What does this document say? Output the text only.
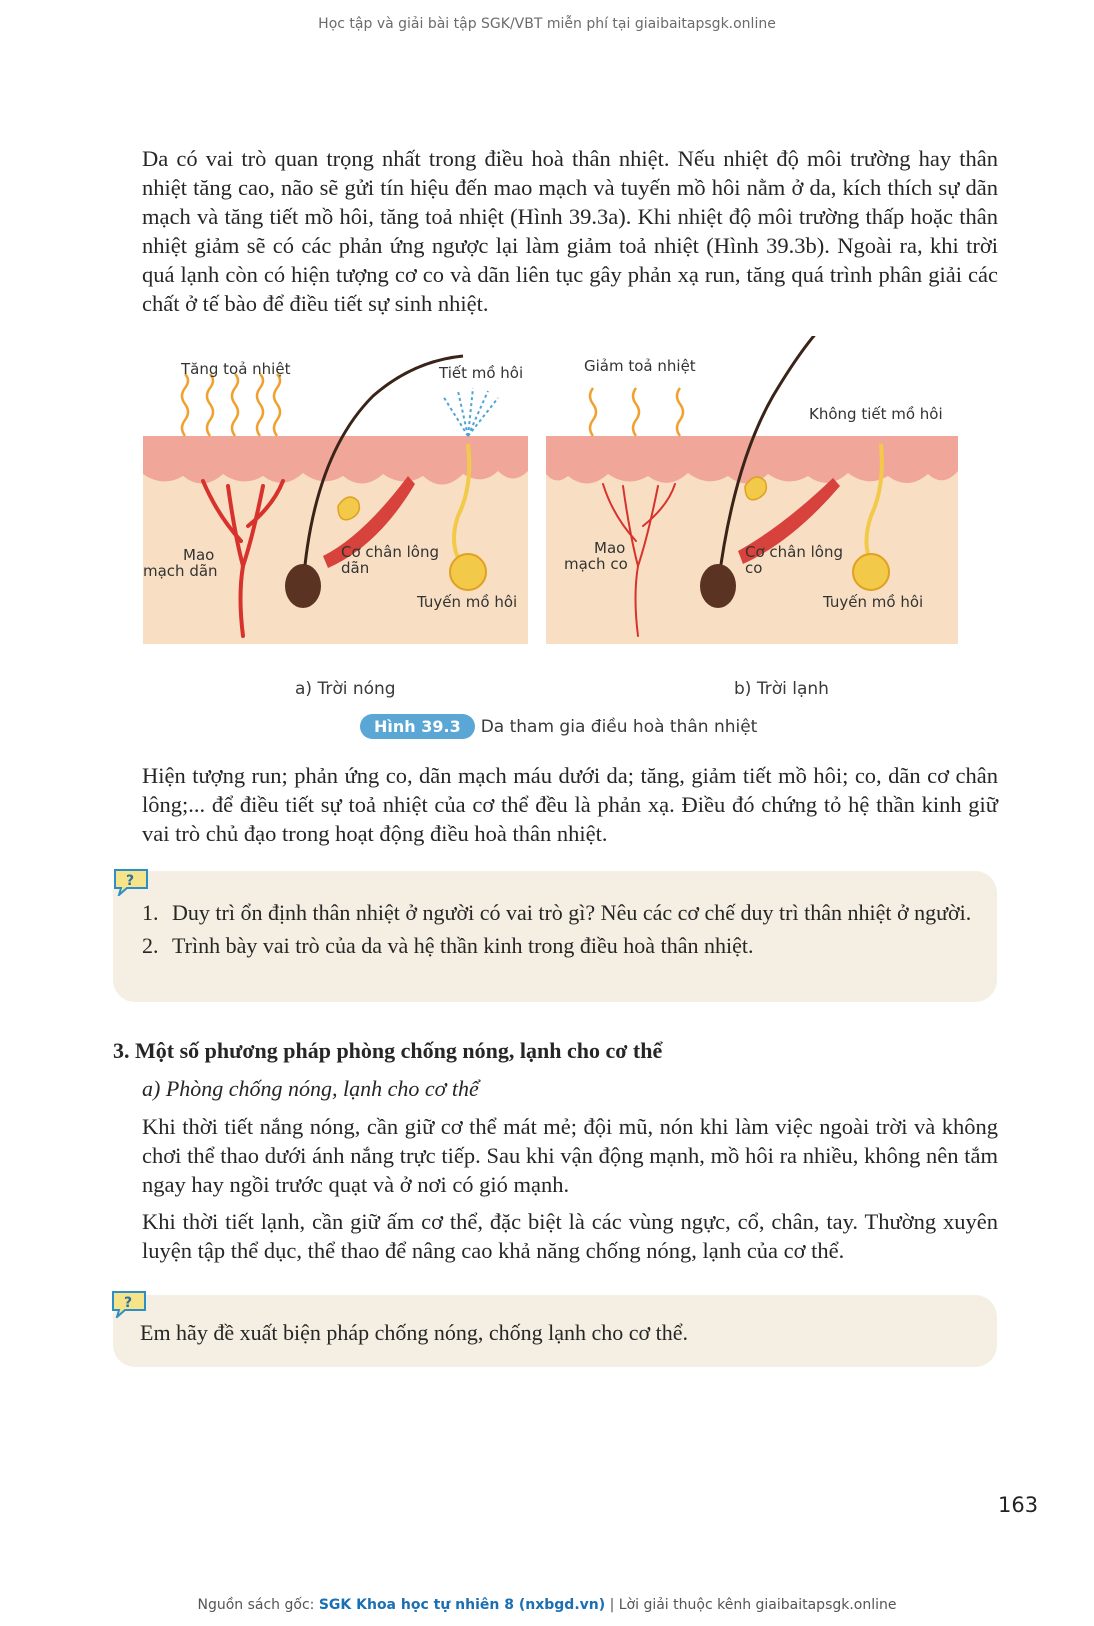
Học tập và giải bài tập SGK/VBT miễn phí tại giaibaitapsgk.online

Da có vai trò quan trọng nhất trong điều hoà thân nhiệt. Nếu nhiệt độ môi trường hay thân nhiệt tăng cao, não sẽ gửi tín hiệu đến mao mạch và tuyến mồ hôi nằm ở da, kích thích sự dãn mạch và tăng tiết mồ hôi, tăng toả nhiệt (Hình 39.3a). Khi nhiệt độ môi trường thấp hoặc thân nhiệt giảm sẽ có các phản ứng ngược lại làm giảm toả nhiệt (Hình 39.3b). Ngoài ra, khi trời quá lạnh còn có hiện tượng cơ co và dãn liên tục gây phản xạ run, tăng quá trình phân giải các chất ở tế bào để điều tiết sự sinh nhiệt.

Tăng toả nhiệt	Tiết mồ hôi
Mao
mạch dãn
Cơ chân lông
dãn
Tuyến mồ hôi
Giảm toả nhiệt
Không tiết mồ hôi
Mao
mạch co
Cơ chân lông
co
Tuyến mồ hôi
a) Trời nóng	b) Trời lạnh
Hình 39.3	Da tham gia điều hoà thân nhiệt

Hiện tượng run; phản ứng co, dãn mạch máu dưới da; tăng, giảm tiết mồ hôi; co, dãn cơ chân lông;... để điều tiết sự toả nhiệt của cơ thể đều là phản xạ. Điều đó chứng tỏ hệ thần kinh giữ vai trò chủ đạo trong hoạt động điều hoà thân nhiệt.

?
1. Duy trì ổn định thân nhiệt ở người có vai trò gì? Nêu các cơ chế duy trì thân nhiệt ở người.
2. Trình bày vai trò của da và hệ thần kinh trong điều hoà thân nhiệt.
3. Một số phương pháp phòng chống nóng, lạnh cho cơ thể
a) Phòng chống nóng, lạnh cho cơ thể

Khi thời tiết nắng nóng, cần giữ cơ thể mát mẻ; đội mũ, nón khi làm việc ngoài trời và không chơi thể thao dưới ánh nắng trực tiếp. Sau khi vận động mạnh, mồ hôi ra nhiều, không nên tắm ngay hay ngồi trước quạt và ở nơi có gió mạnh.

Khi thời tiết lạnh, cần giữ ấm cơ thể, đặc biệt là các vùng ngực, cổ, chân, tay. Thường xuyên luyện tập thể dục, thể thao để nâng cao khả năng chống nóng, lạnh của cơ thể.

?
Em hãy đề xuất biện pháp chống nóng, chống lạnh cho cơ thể.
163
Nguồn sách gốc: SGK Khoa học tự nhiên 8 (nxbgd.vn) | Lời giải thuộc kênh giaibaitapsgk.online
